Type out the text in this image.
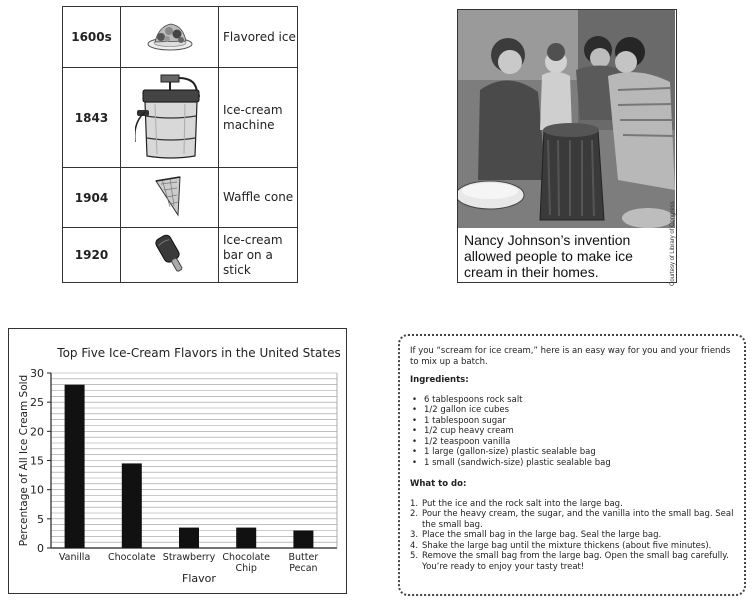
1600s		Flavored ice
1843		Ice-cream machine
1904		Waffle cone
1920		Ice-cream bar on a stick
Nancy Johnson’s invention allowed people to make ice cream in their homes.	Courtesy of Library of Congress
Top Five Ice-Cream Flavors in the United States
0
5
10
15
20
25
30
Vanilla Chocolate Strawberry Chocolate Chip
Butter Pecan
Flavor
Percentage of All Ice Cream Sold
If you “scream for ice cream,” here is an easy way for you and your friends to mix up a batch.
Ingredients:
• 6 tablespoons rock salt
• 1/2 gallon ice cubes
• 1 tablespoon sugar
• 1/2 cup heavy cream
• 1/2 teaspoon vanilla
• 1 large (gallon-size) plastic sealable bag
• 1 small (sandwich-size) plastic sealable bag
What to do:
1. Put the ice and the rock salt into the large bag.
2. Pour the heavy cream, the sugar, and the vanilla into the small bag. Seal the small bag.
3. Place the small bag in the large bag. Seal the large bag.
4. Shake the large bag until the mixture thickens (about five minutes).
5. Remove the small bag from the large bag. Open the small bag carefully. You’re ready to enjoy your tasty treat!
